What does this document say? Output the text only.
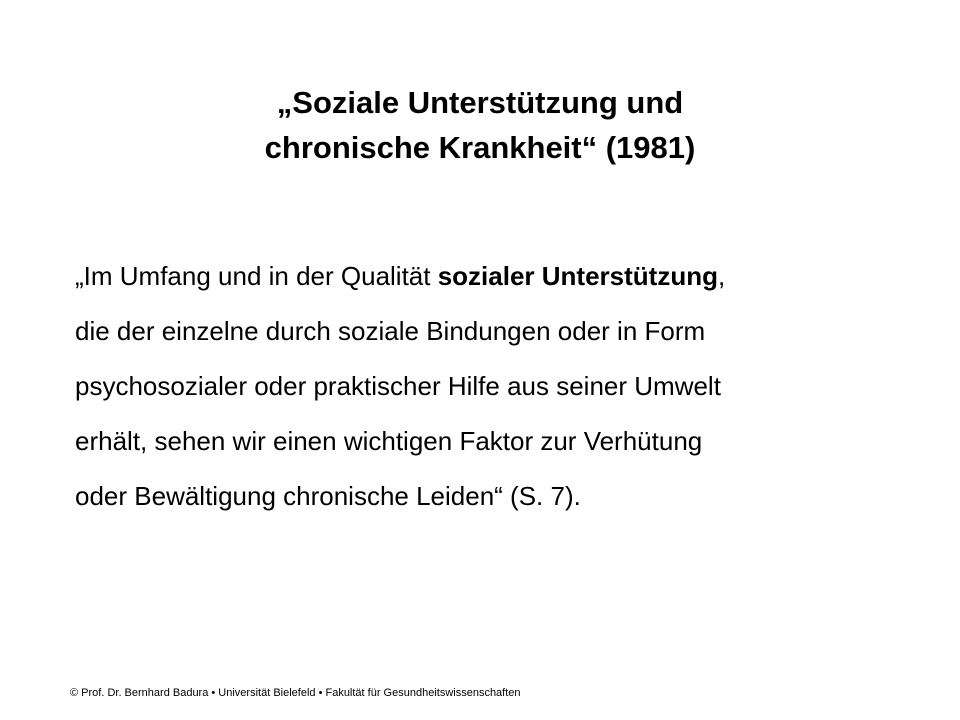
„Soziale Unterstützung und
chronische Krankheit“ (1981)
„Im Umfang und in der Qualität sozialer Unterstützung,
die der einzelne durch soziale Bindungen oder in Form
psychosozialer oder praktischer Hilfe aus seiner Umwelt
erhält, sehen wir einen wichtigen Faktor zur Verhütung
oder Bewältigung chronische Leiden“ (S. 7).
© Prof. Dr. Bernhard Badura • Universität Bielefeld • Fakultät für Gesundheitswissenschaften
